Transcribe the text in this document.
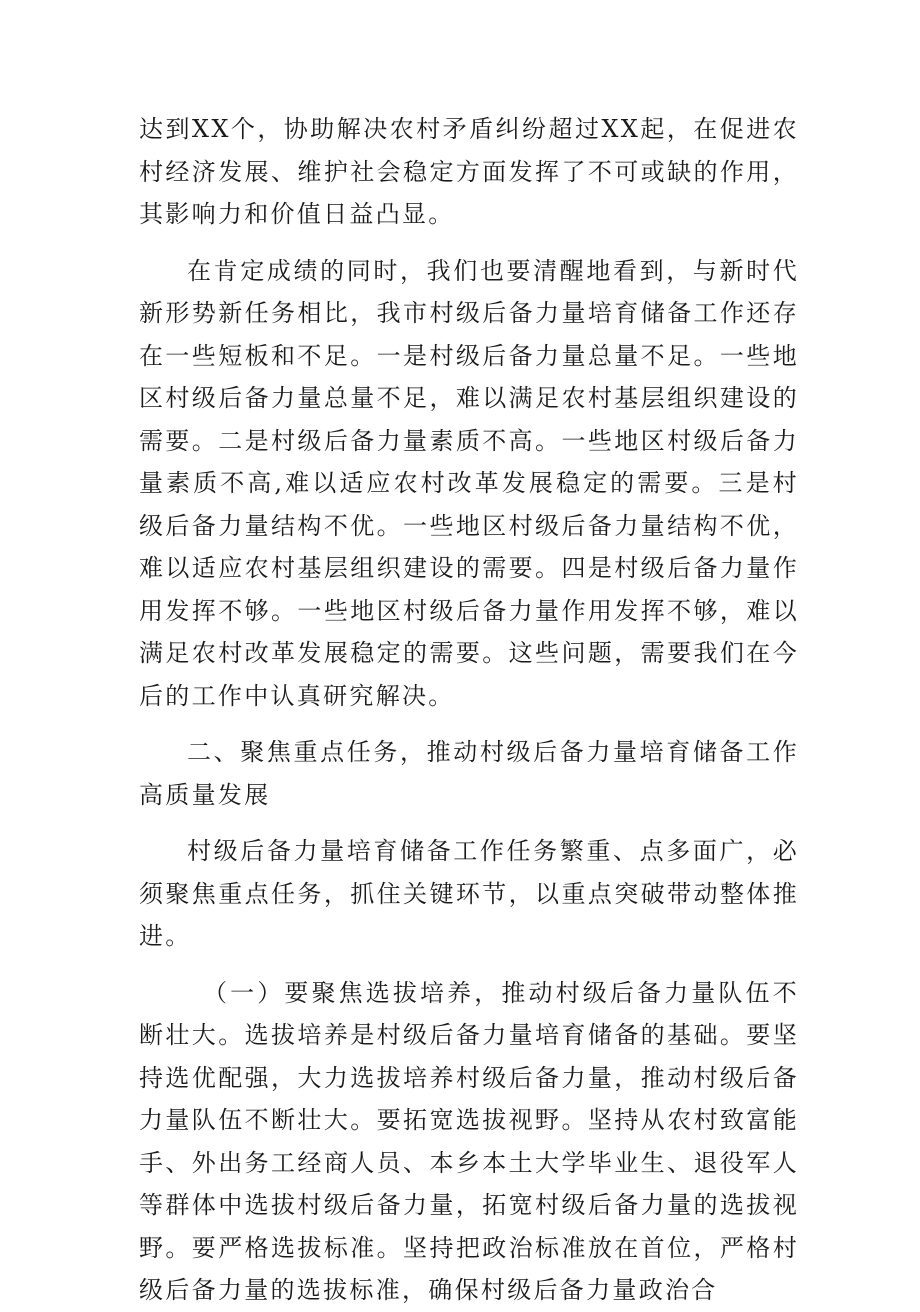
达到XX个，协助解决农村矛盾纠纷超过XX起，在促进农村经济发展、维护社会稳定方面发挥了不可或缺的作用，其影响力和价值日益凸显。

在肯定成绩的同时，我们也要清醒地看到，与新时代新形势新任务相比，我市村级后备力量培育储备工作还存在一些短板和不足。一是村级后备力量总量不足。一些地区村级后备力量总量不足，难以满足农村基层组织建设的需要。二是村级后备力量素质不高。一些地区村级后备力量素质不高,难以适应农村改革发展稳定的需要。三是村级后备力量结构不优。一些地区村级后备力量结构不优，难以适应农村基层组织建设的需要。四是村级后备力量作用发挥不够。一些地区村级后备力量作用发挥不够，难以满足农村改革发展稳定的需要。这些问题，需要我们在今后的工作中认真研究解决。

二、聚焦重点任务，推动村级后备力量培育储备工作高质量发展

村级后备力量培育储备工作任务繁重、点多面广，必须聚焦重点任务，抓住关键环节，以重点突破带动整体推进。

（一）要聚焦选拔培养，推动村级后备力量队伍不断壮大。选拔培养是村级后备力量培育储备的基础。要坚持选优配强，大力选拔培养村级后备力量，推动村级后备力量队伍不断壮大。要拓宽选拔视野。坚持从农村致富能手、外出务工经商人员、本乡本土大学毕业生、退役军人等群体中选拔村级后备力量，拓宽村级后备力量的选拔视野。要严格选拔标准。坚持把政治标准放在首位，严格村级后备力量的选拔标准，确保村级后备力量政治合
